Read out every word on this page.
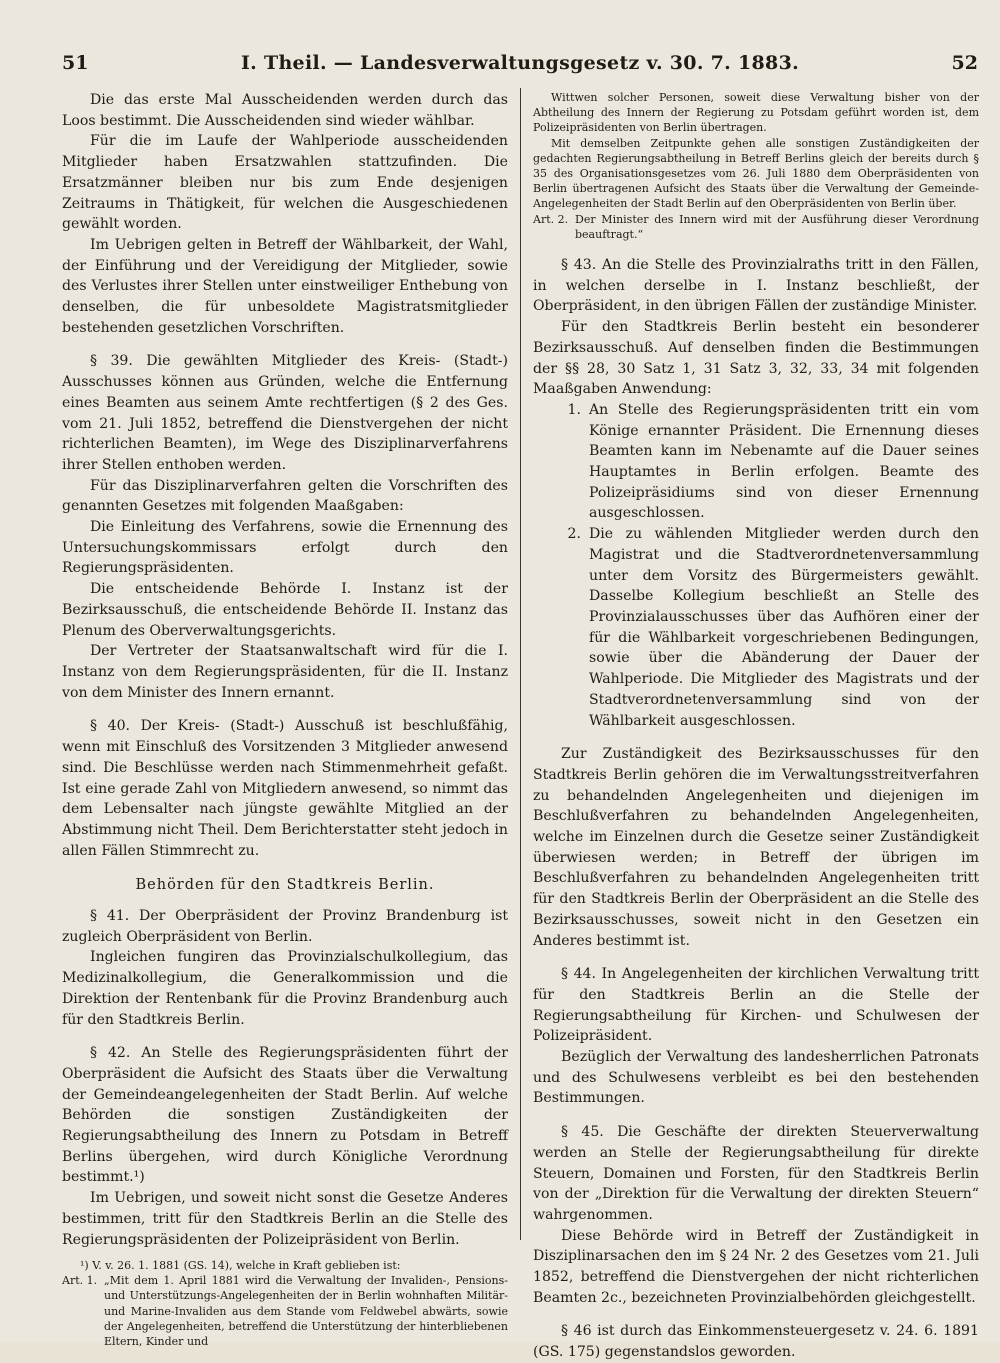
51	I. Theil. — Landesverwaltungsgesetz v. 30. 7. 1883.	52

Die das erste Mal Ausscheidenden werden durch das Loos bestimmt. Die Ausscheidenden sind wieder wählbar.

Für die im Laufe der Wahlperiode ausscheidenden Mitglieder haben Ersatzwahlen stattzufinden. Die Ersatzmänner bleiben nur bis zum Ende desjenigen Zeitraums in Thätigkeit, für welchen die Ausgeschiedenen gewählt worden.

Im Uebrigen gelten in Betreff der Wählbarkeit, der Wahl, der Einführung und der Vereidigung der Mitglieder, sowie des Verlustes ihrer Stellen unter einstweiliger Enthebung von denselben, die für unbesoldete Magistratsmitglieder bestehenden gesetzlichen Vorschriften.

§ 39. Die gewählten Mitglieder des Kreis- (Stadt-) Ausschusses können aus Gründen, welche die Entfernung eines Beamten aus seinem Amte rechtfertigen (§ 2 des Ges. vom 21. Juli 1852, betreffend die Dienstvergehen der nicht richterlichen Beamten), im Wege des Disziplinarverfahrens ihrer Stellen enthoben werden.

Für das Disziplinarverfahren gelten die Vorschriften des genannten Gesetzes mit folgenden Maaßgaben:

Die Einleitung des Verfahrens, sowie die Ernennung des Untersuchungskommissars erfolgt durch den Regierungspräsidenten.

Die entscheidende Behörde I. Instanz ist der Bezirksausschuß, die entscheidende Behörde II. Instanz das Plenum des Oberverwaltungsgerichts.

Der Vertreter der Staatsanwaltschaft wird für die I. Instanz von dem Regierungspräsidenten, für die II. Instanz von dem Minister des Innern ernannt.

§ 40. Der Kreis- (Stadt-) Ausschuß ist beschlußfähig, wenn mit Einschluß des Vorsitzenden 3 Mitglieder anwesend sind. Die Beschlüsse werden nach Stimmenmehrheit gefaßt. Ist eine gerade Zahl von Mitgliedern anwesend, so nimmt das dem Lebensalter nach jüngste gewählte Mitglied an der Abstimmung nicht Theil. Dem Berichterstatter steht jedoch in allen Fällen Stimmrecht zu.

Behörden für den Stadtkreis Berlin.

§ 41. Der Oberpräsident der Provinz Brandenburg ist zugleich Oberpräsident von Berlin.

Ingleichen fungiren das Provinzialschulkollegium, das Medizinalkollegium, die Generalkommission und die Direktion der Rentenbank für die Provinz Brandenburg auch für den Stadtkreis Berlin.

§ 42. An Stelle des Regierungspräsidenten führt der Oberpräsident die Aufsicht des Staats über die Verwaltung der Gemeindeangelegenheiten der Stadt Berlin. Auf welche Behörden die sonstigen Zuständigkeiten der Regierungsabtheilung des Innern zu Potsdam in Betreff Berlins übergehen, wird durch Königliche Verordnung bestimmt.¹)

Im Uebrigen, und soweit nicht sonst die Gesetze Anderes bestimmen, tritt für den Stadtkreis Berlin an die Stelle des Regierungspräsidenten der Polizeipräsident von Berlin.

¹) V. v. 26. 1. 1881 (GS. 14), welche in Kraft geblieben ist:

Art. 1. „Mit dem 1. April 1881 wird die Verwaltung der Invaliden-, Pensions- und Unterstützungs-Angelegenheiten der in Berlin wohnhaften Militär- und Marine-Invaliden aus dem Stande vom Feldwebel abwärts, sowie der Angelegenheiten, betreffend die Unterstützung der hinterbliebenen Eltern, Kinder und

Wittwen solcher Personen, soweit diese Verwaltung bisher von der Abtheilung des Innern der Regierung zu Potsdam geführt worden ist, dem Polizeipräsidenten von Berlin übertragen.

Mit demselben Zeitpunkte gehen alle sonstigen Zuständigkeiten der gedachten Regierungsabtheilung in Betreff Berlins gleich der bereits durch § 35 des Organisationsgesetzes vom 26. Juli 1880 dem Oberpräsidenten von Berlin übertragenen Aufsicht des Staats über die Verwaltung der Gemeinde-Angelegenheiten der Stadt Berlin auf den Oberpräsidenten von Berlin über.

Art. 2. Der Minister des Innern wird mit der Ausführung dieser Verordnung beauftragt.“

§ 43. An die Stelle des Provinzialraths tritt in den Fällen, in welchen derselbe in I. Instanz beschließt, der Oberpräsident, in den übrigen Fällen der zuständige Minister.

Für den Stadtkreis Berlin besteht ein besonderer Bezirksausschuß. Auf denselben finden die Bestimmungen der §§ 28, 30 Satz 1, 31 Satz 3, 32, 33, 34 mit folgenden Maaßgaben Anwendung:

1. An Stelle des Regierungspräsidenten tritt ein vom Könige ernannter Präsident. Die Ernennung dieses Beamten kann im Nebenamte auf die Dauer seines Hauptamtes in Berlin erfolgen. Beamte des Polizeipräsidiums sind von dieser Ernennung ausgeschlossen.
2. Die zu wählenden Mitglieder werden durch den Magistrat und die Stadtverordnetenversammlung unter dem Vorsitz des Bürgermeisters gewählt. Dasselbe Kollegium beschließt an Stelle des Provinzialausschusses über das Aufhören einer der für die Wählbarkeit vorgeschriebenen Bedingungen, sowie über die Abänderung der Dauer der Wahlperiode. Die Mitglieder des Magistrats und der Stadtverordnetenversammlung sind von der Wählbarkeit ausgeschlossen.

Zur Zuständigkeit des Bezirksausschusses für den Stadtkreis Berlin gehören die im Verwaltungsstreitverfahren zu behandelnden Angelegenheiten und diejenigen im Beschlußverfahren zu behandelnden Angelegenheiten, welche im Einzelnen durch die Gesetze seiner Zuständigkeit überwiesen werden; in Betreff der übrigen im Beschlußverfahren zu behandelnden Angelegenheiten tritt für den Stadtkreis Berlin der Oberpräsident an die Stelle des Bezirksausschusses, soweit nicht in den Gesetzen ein Anderes bestimmt ist.

§ 44. In Angelegenheiten der kirchlichen Verwaltung tritt für den Stadtkreis Berlin an die Stelle der Regierungsabtheilung für Kirchen- und Schulwesen der Polizeipräsident.

Bezüglich der Verwaltung des landesherrlichen Patronats und des Schulwesens verbleibt es bei den bestehenden Bestimmungen.

§ 45. Die Geschäfte der direkten Steuerverwaltung werden an Stelle der Regierungsabtheilung für direkte Steuern, Domainen und Forsten, für den Stadtkreis Berlin von der „Direktion für die Verwaltung der direkten Steuern“ wahrgenommen.

Diese Behörde wird in Betreff der Zuständigkeit in Disziplinarsachen den im § 24 Nr. 2 des Gesetzes vom 21. Juli 1852, betreffend die Dienstvergehen der nicht richterlichen Beamten 2c., bezeichneten Provinzialbehörden gleichgestellt.

§ 46 ist durch das Einkommensteuergesetz v. 24. 6. 1891 (GS. 175) gegenstandslos geworden.
